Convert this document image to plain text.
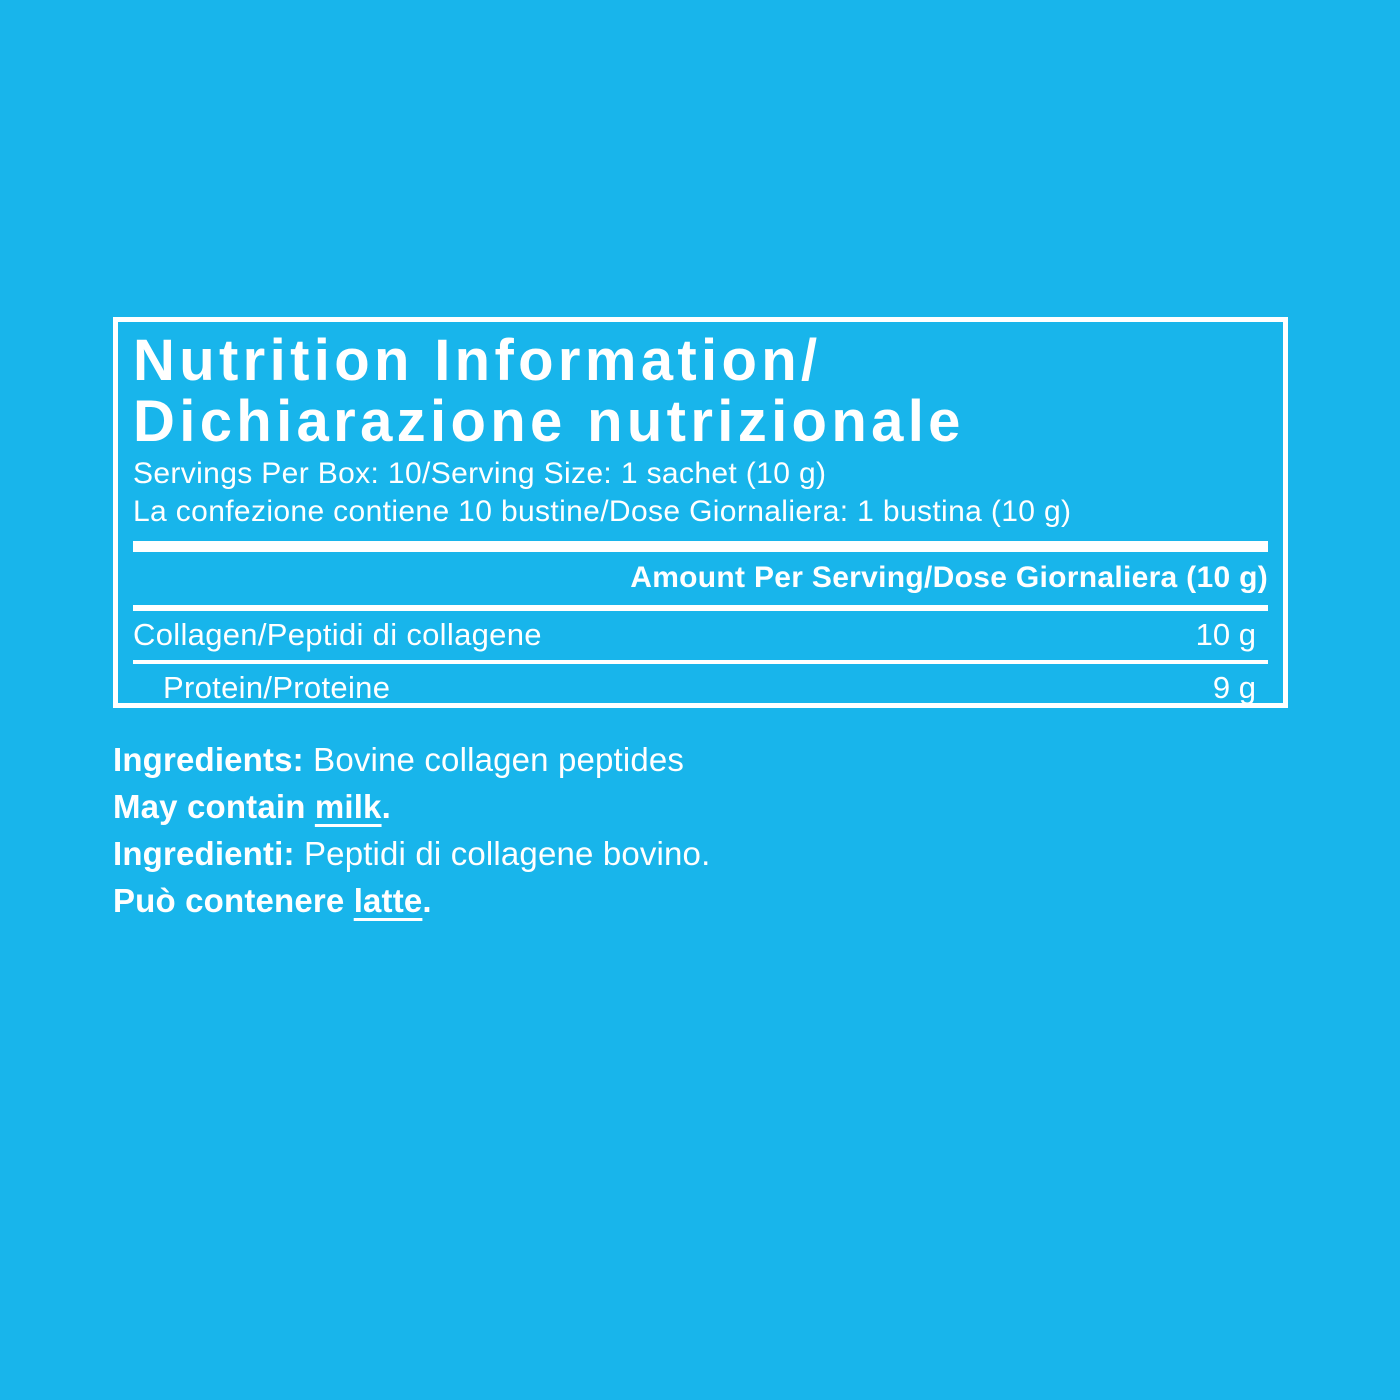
Nutrition Information/
Dichiarazione nutrizionale
Servings Per Box: 10/Serving Size: 1 sachet (10 g)
La confezione contiene 10 bustine/Dose Giornaliera: 1 bustina (10 g)
Amount Per Serving/Dose Giornaliera (10 g)
Collagen/Peptidi di collagene	10 g
Protein/Proteine	9 g
Ingredients: Bovine collagen peptides
May contain milk.
Ingredienti: Peptidi di collagene bovino.
Può contenere latte.
